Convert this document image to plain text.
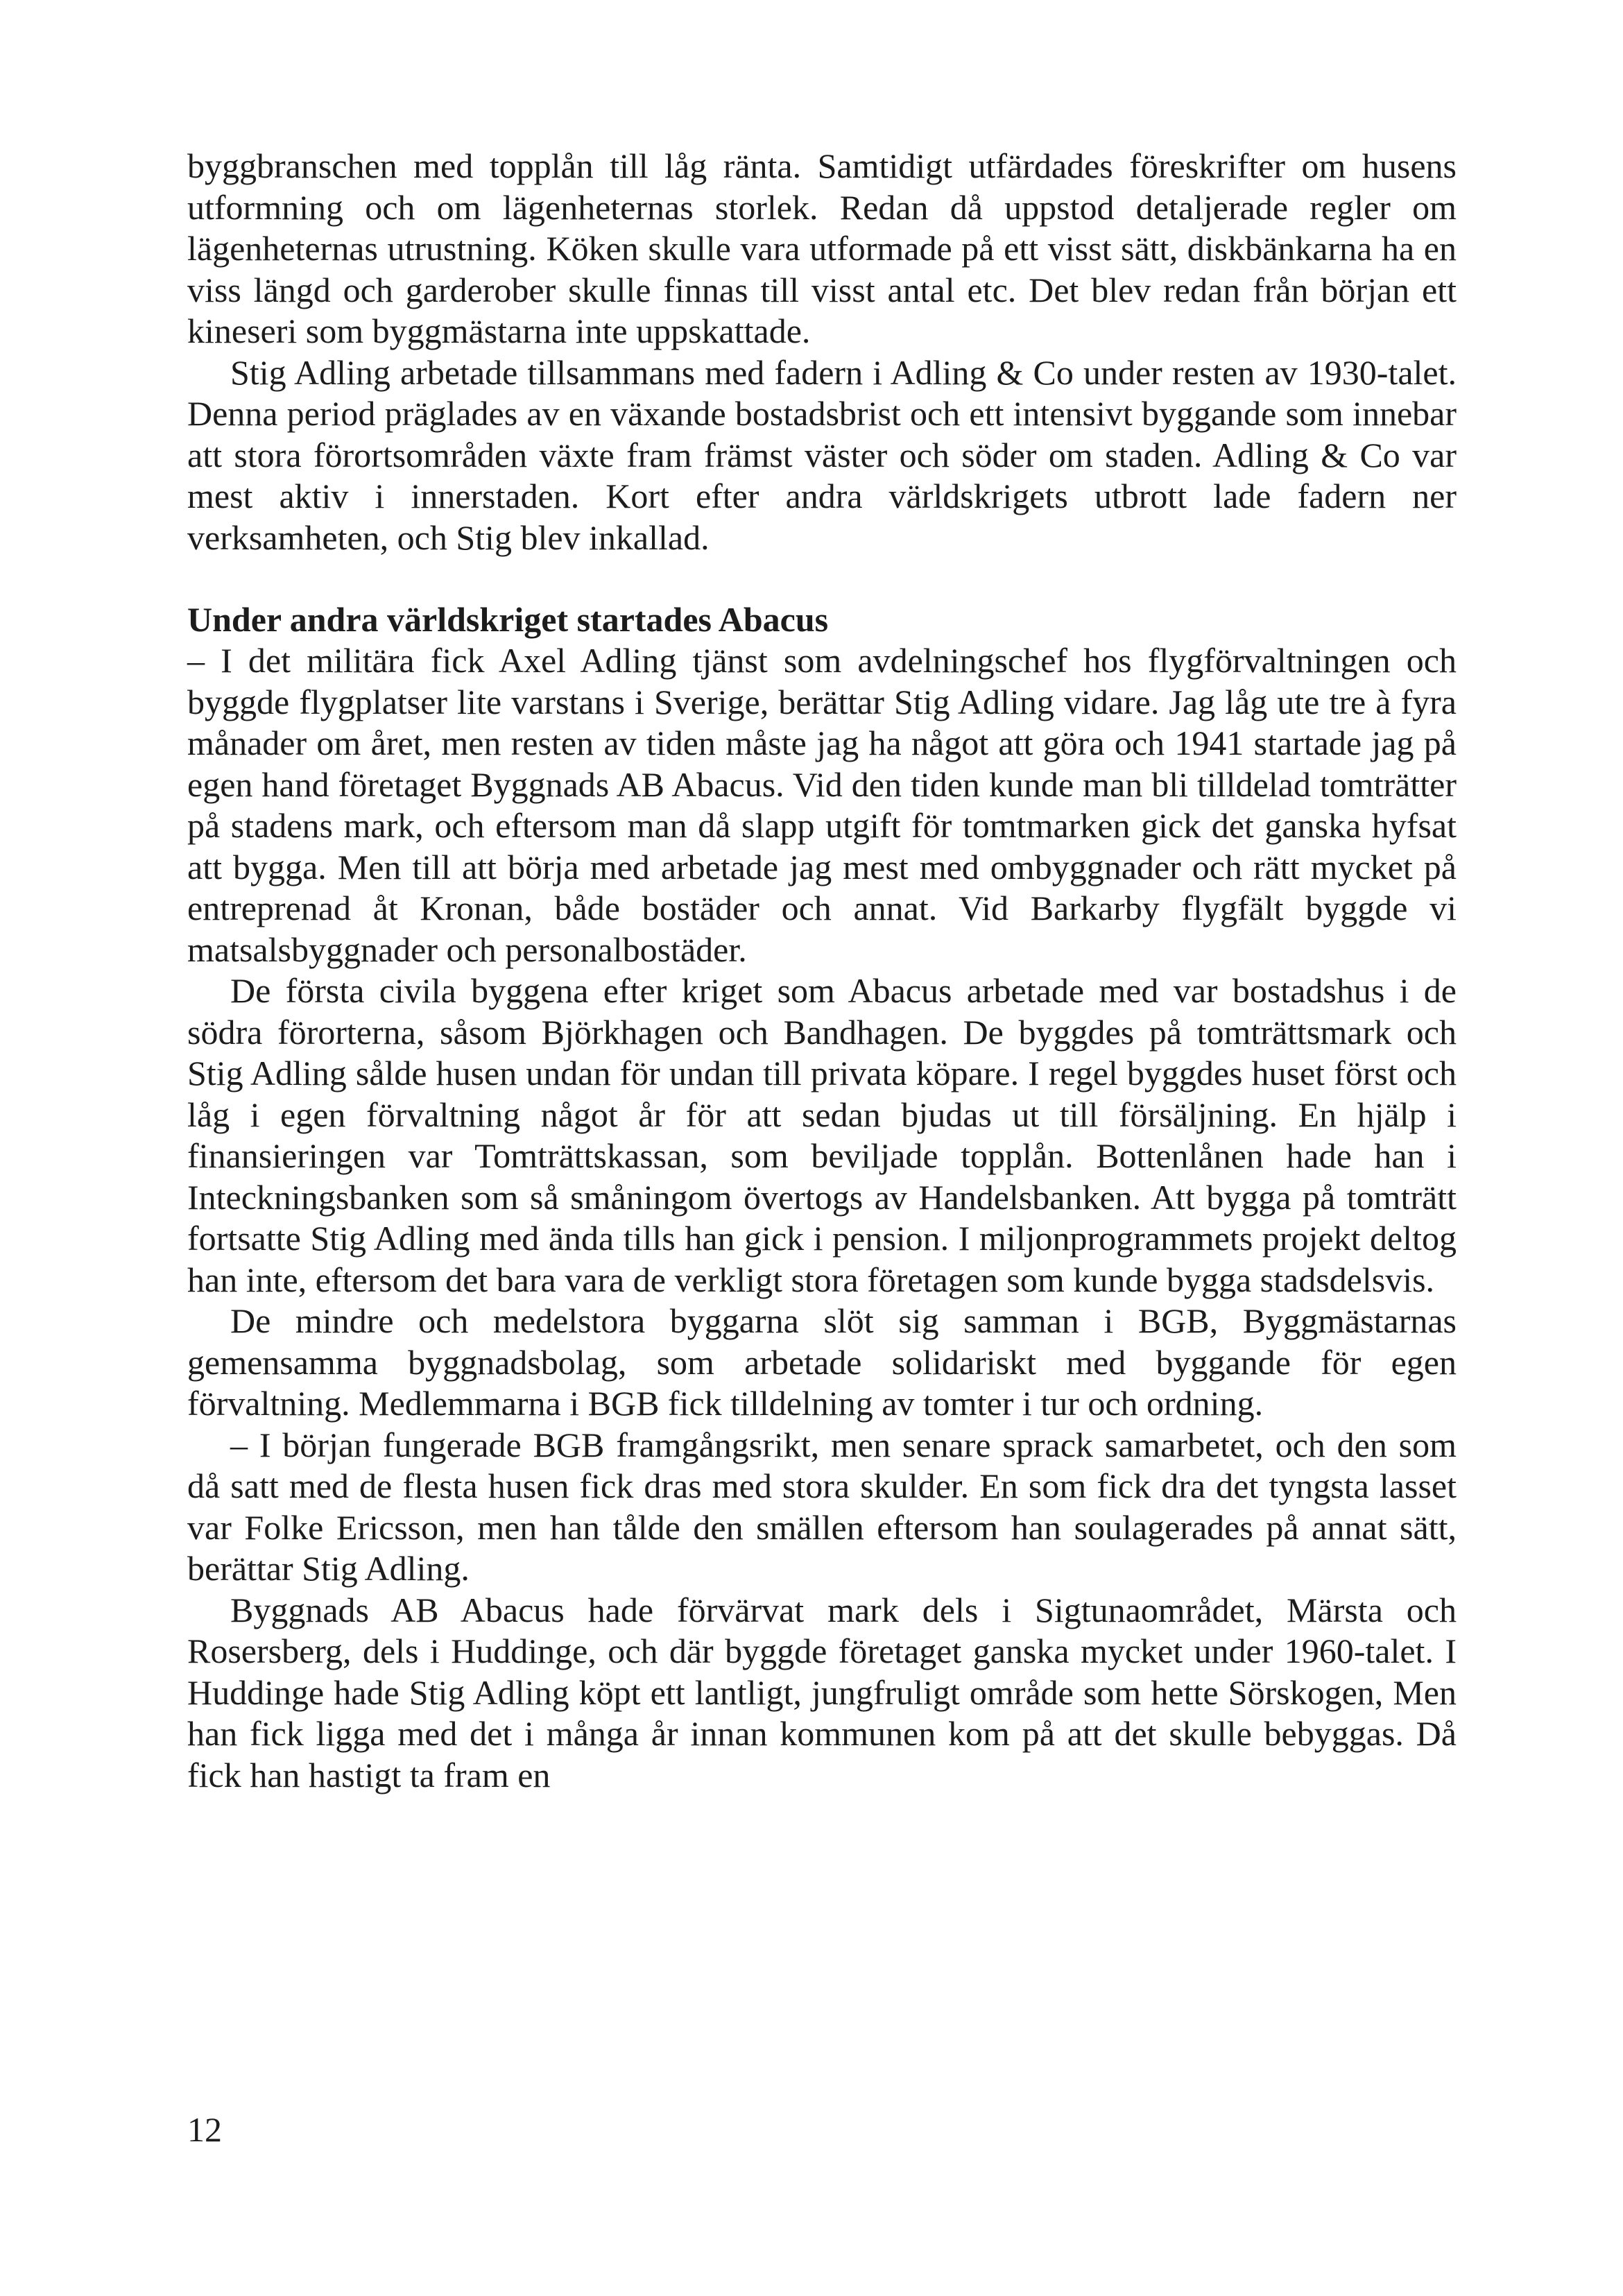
byggbranschen med topplån till låg ränta. Samtidigt utfärdades föreskrifter om husens utformning och om lägenheternas storlek. Redan då uppstod detaljerade regler om lägenheternas utrustning. Köken skulle vara utformade på ett visst sätt, diskbänkarna ha en viss längd och garderober skulle finnas till visst antal etc. Det blev redan från början ett kineseri som byggmästarna inte uppskattade.

Stig Adling arbetade tillsammans med fadern i Adling & Co under resten av 1930-talet. Denna period präglades av en växande bostadsbrist och ett intensivt byggande som innebar att stora förortsområden växte fram främst väster och söder om staden. Adling & Co var mest aktiv i innerstaden. Kort efter andra världskrigets utbrott lade fadern ner verksamheten, och Stig blev inkallad.

Under andra världskriget startades Abacus

– I det militära fick Axel Adling tjänst som avdelningschef hos flygförvaltningen och byggde flygplatser lite varstans i Sverige, berättar Stig Adling vidare. Jag låg ute tre à fyra månader om året, men resten av tiden måste jag ha något att göra och 1941 startade jag på egen hand företaget Byggnads AB Abacus. Vid den tiden kunde man bli tilldelad tomträtter på stadens mark, och eftersom man då slapp utgift för tomtmarken gick det ganska hyfsat att bygga. Men till att börja med arbetade jag mest med ombyggnader och rätt mycket på entreprenad åt Kronan, både bostäder och annat. Vid Barkarby flygfält byggde vi matsalsbyggnader och personalbostäder.

De första civila byggena efter kriget som Abacus arbetade med var bostadshus i de södra förorterna, såsom Björkhagen och Bandhagen. De byggdes på tomträttsmark och Stig Adling sålde husen undan för undan till privata köpare. I regel byggdes huset först och låg i egen förvaltning något år för att sedan bjudas ut till försäljning. En hjälp i finansieringen var Tomträttskassan, som beviljade topplån. Bottenlånen hade han i Inteckningsbanken som så småningom övertogs av Handelsbanken. Att bygga på tomträtt fortsatte Stig Adling med ända tills han gick i pension. I miljonprogrammets projekt deltog han inte, eftersom det bara vara de verkligt stora företagen som kunde bygga stadsdelsvis.

De mindre och medelstora byggarna slöt sig samman i BGB, Byggmästarnas gemensamma byggnadsbolag, som arbetade solidariskt med byggande för egen förvaltning. Medlemmarna i BGB fick tilldelning av tomter i tur och ordning.

– I början fungerade BGB framgångsrikt, men senare sprack samarbetet, och den som då satt med de flesta husen fick dras med stora skulder. En som fick dra det tyngsta lasset var Folke Ericsson, men han tålde den smällen eftersom han soulagerades på annat sätt, berättar Stig Adling.

Byggnads AB Abacus hade förvärvat mark dels i Sigtunaområdet, Märsta och Rosersberg, dels i Huddinge, och där byggde företaget ganska mycket under 1960-talet. I Huddinge hade Stig Adling köpt ett lantligt, jungfruligt område som hette Sörskogen, Men han fick ligga med det i många år innan kommunen kom på att det skulle bebyggas. Då fick han hastigt ta fram en

12
